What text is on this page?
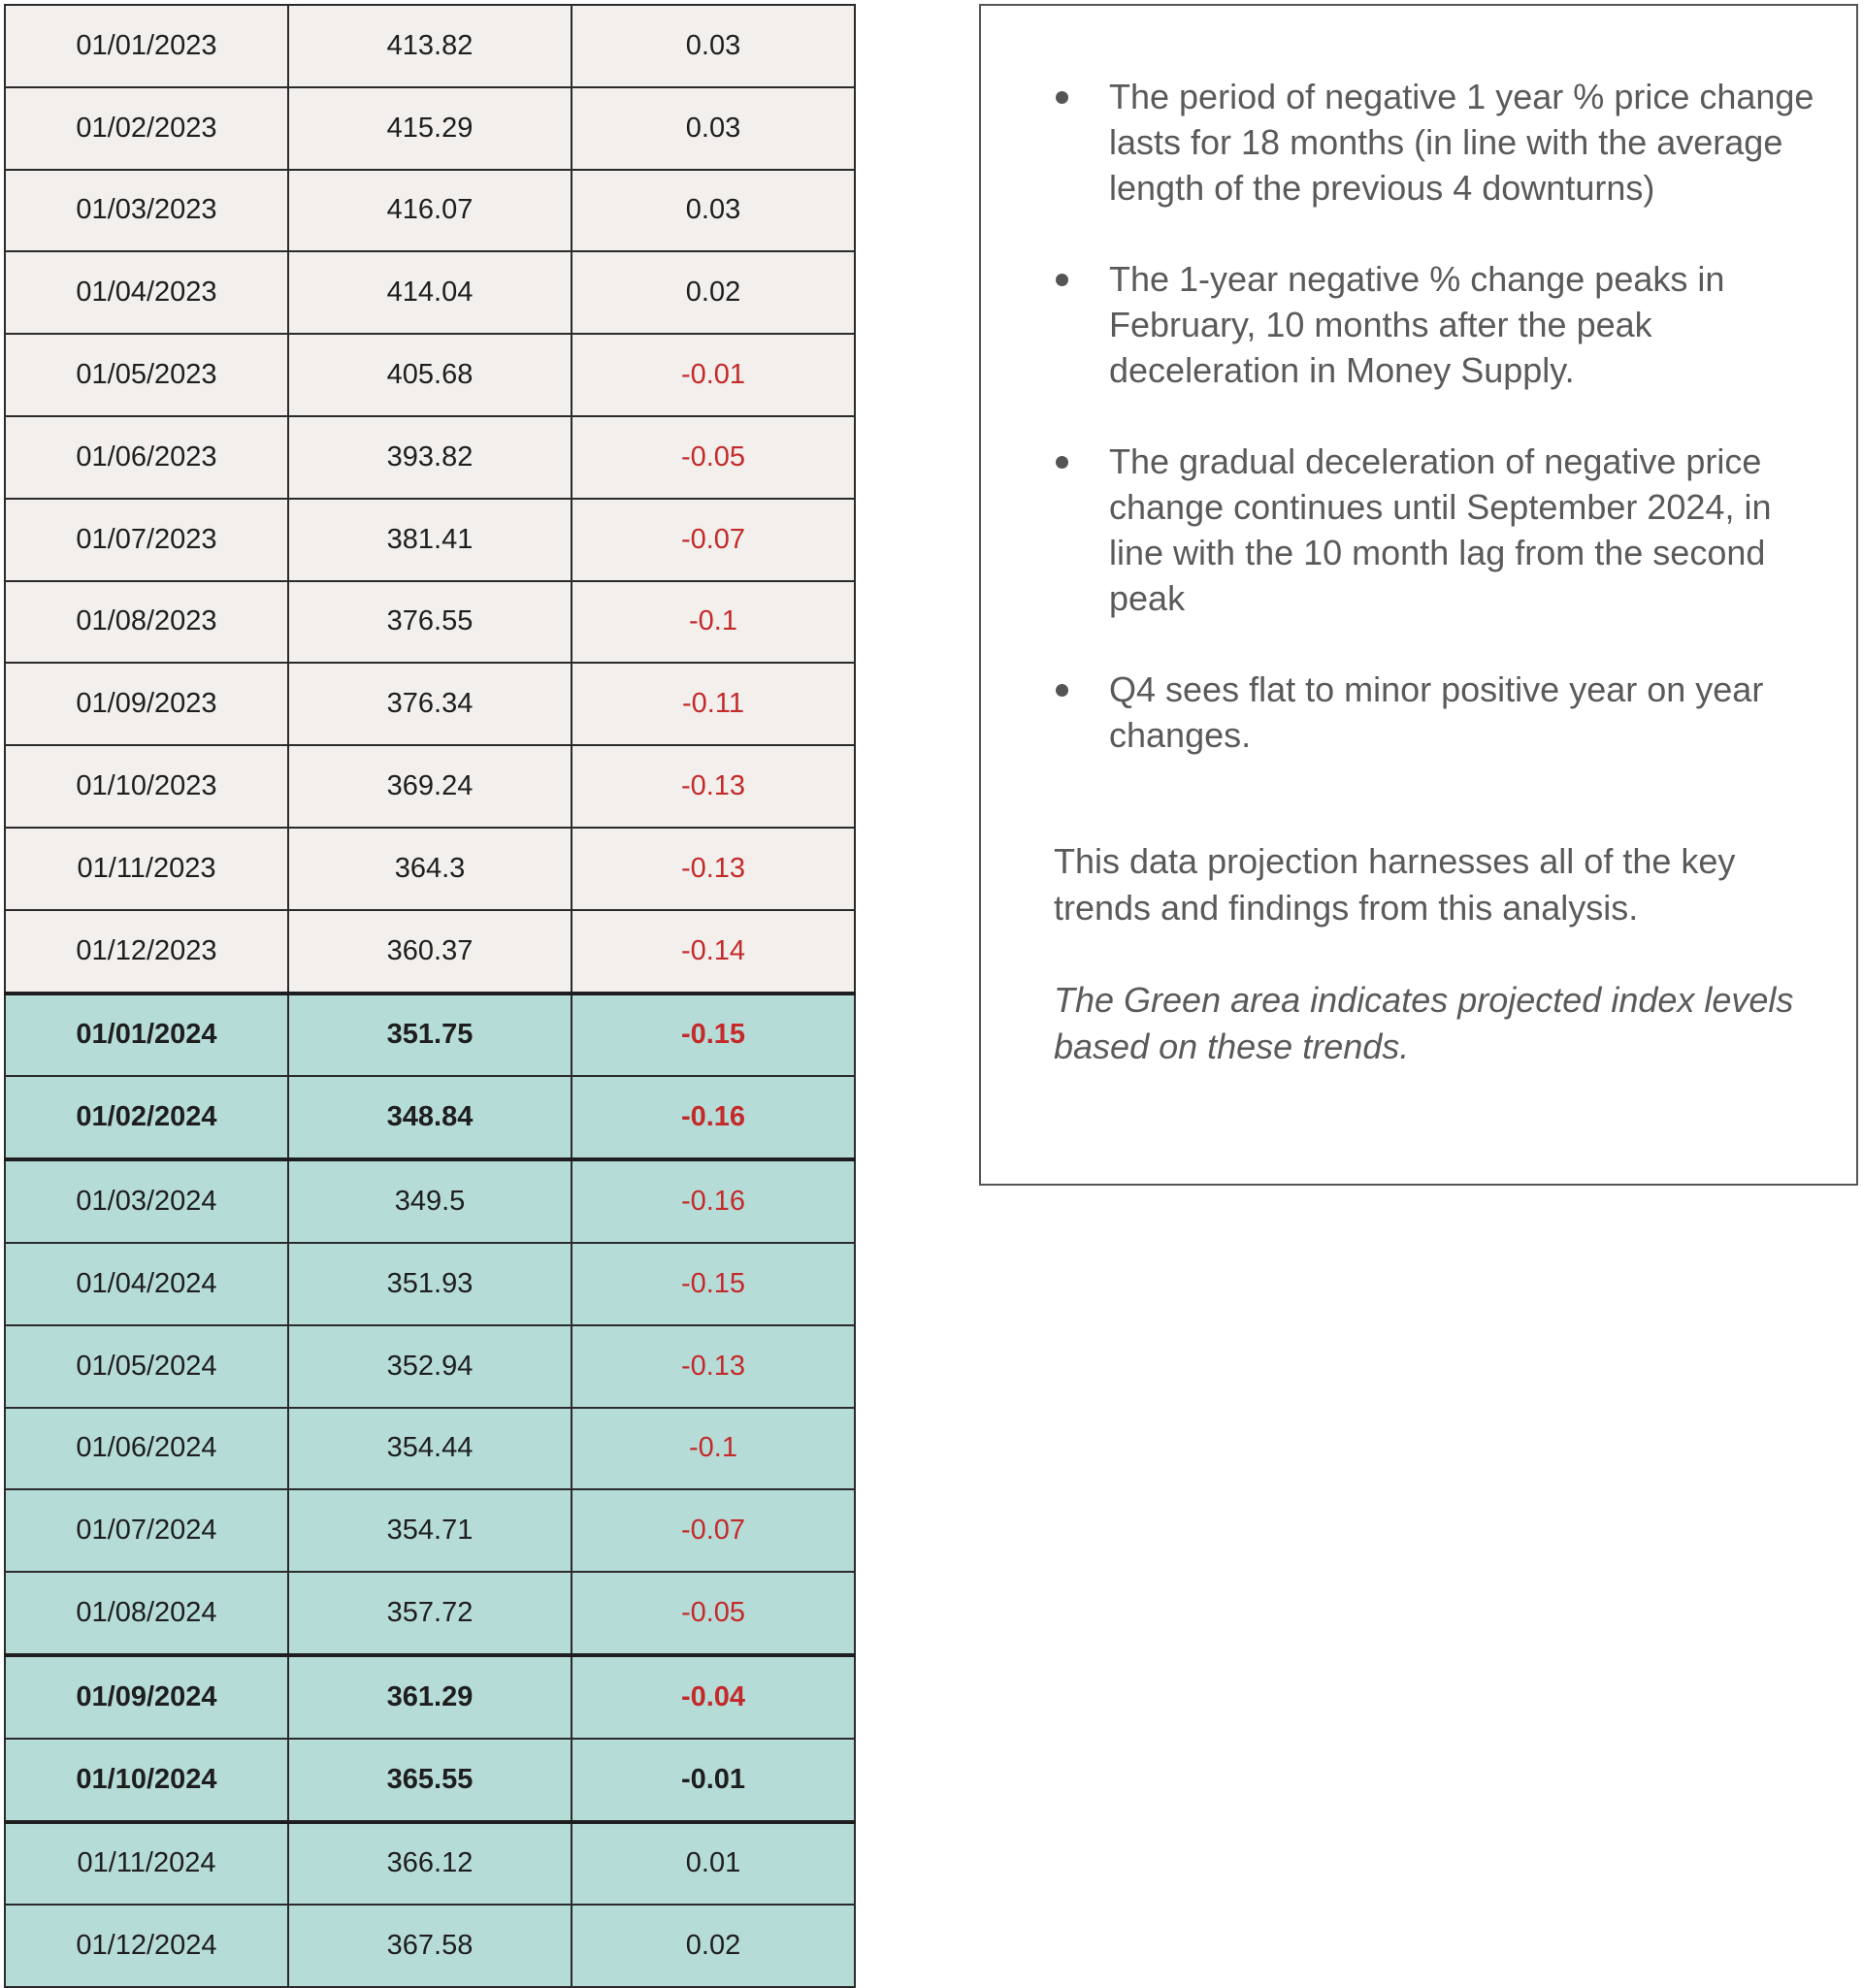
01/01/2023	413.82	0.03
01/02/2023	415.29	0.03
01/03/2023	416.07	0.03
01/04/2023	414.04	0.02
01/05/2023	405.68	-0.01
01/06/2023	393.82	-0.05
01/07/2023	381.41	-0.07
01/08/2023	376.55	-0.1
01/09/2023	376.34	-0.11
01/10/2023	369.24	-0.13
01/11/2023	364.3	-0.13
01/12/2023	360.37	-0.14
01/01/2024	351.75	-0.15
01/02/2024	348.84	-0.16
01/03/2024	349.5	-0.16
01/04/2024	351.93	-0.15
01/05/2024	352.94	-0.13
01/06/2024	354.44	-0.1
01/07/2024	354.71	-0.07
01/08/2024	357.72	-0.05
01/09/2024	361.29	-0.04
01/10/2024	365.55	-0.01
01/11/2024	366.12	0.01
01/12/2024	367.58	0.02
The period of negative 1 year % price change lasts for 18 months (in line with the average length of the previous 4 downturns)
The 1-year negative % change peaks in February, 10 months after the peak deceleration in Money Supply.
The gradual deceleration of negative price change continues until September 2024, in line with the 10 month lag from the second peak
Q4 sees flat to minor positive year on year changes.

This data projection harnesses all of the key trends and findings from this analysis.

The Green area indicates projected index levels based on these trends.
